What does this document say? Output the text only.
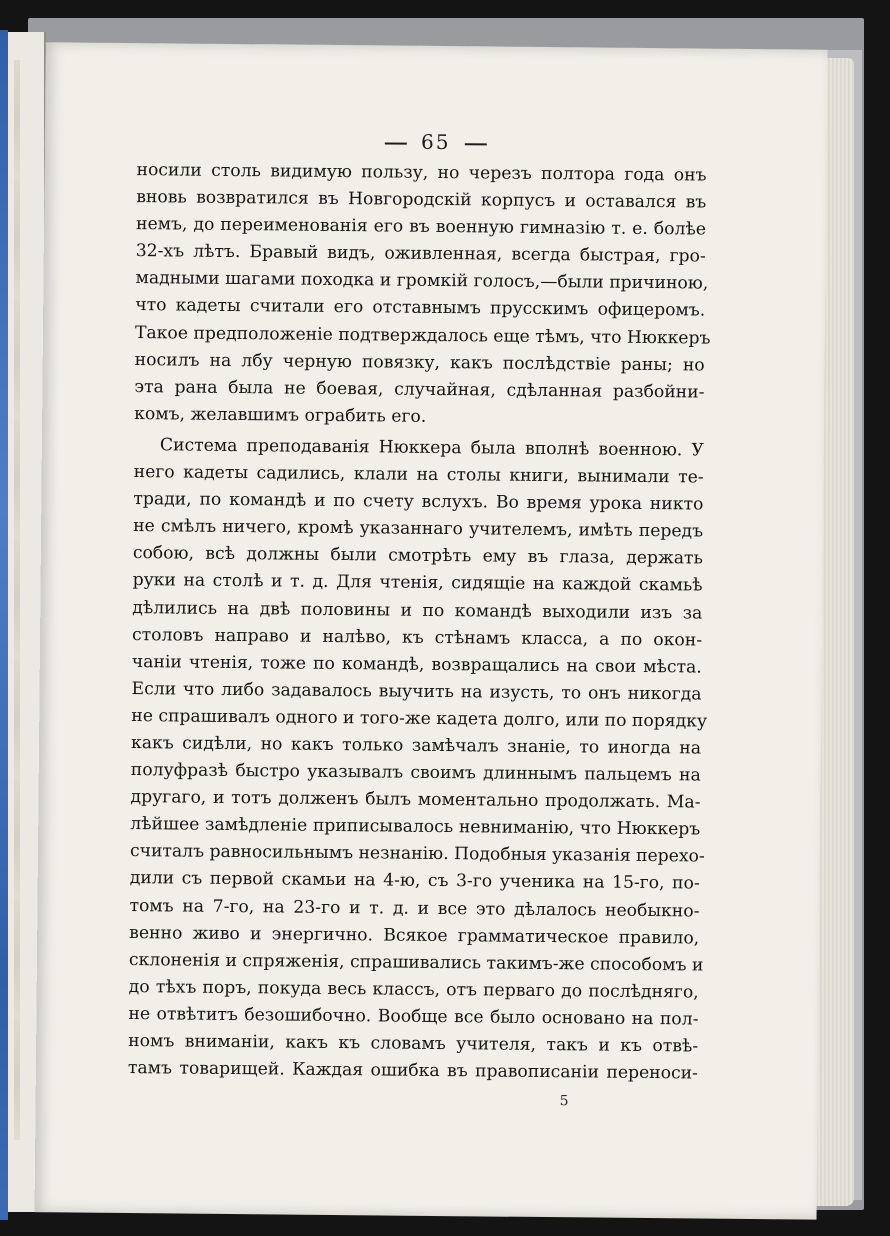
65

носили столь видимую пользу, но черезъ полтора года онъ

вновь возвратился въ Новгородскій корпусъ и оставался въ

немъ, до переименованія его въ военную гимназію т. е. болѣе

32-хъ лѣтъ. Бравый видъ, оживленная, всегда быстрая, гро-

мадными шагами походка и громкій голосъ,—были причиною,

что кадеты считали его отставнымъ прусскимъ офицеромъ.

Такое предположеніе подтверждалось еще тѣмъ, что Нюккеръ

носилъ на лбу черную повязку, какъ послѣдствіе раны; но

эта рана была не боевая, случайная, сдѣланная разбойни-

комъ, желавшимъ ограбить его.

Система преподаванія Нюккера была вполнѣ военною. У

него кадеты садились, клали на столы книги, вынимали те-

тради, по командѣ и по счету вслухъ. Во время урока никто

не смѣлъ ничего, кромѣ указаннаго учителемъ, имѣть передъ

собою, всѣ должны были смотрѣть ему въ глаза, держать

руки на столѣ и т. д. Для чтенія, сидящіе на каждой скамьѣ

дѣлились на двѣ половины и по командѣ выходили изъ за

столовъ направо и налѣво, къ стѣнамъ класса, а по окон-

чаніи чтенія, тоже по командѣ, возвращались на свои мѣста.

Если что либо задавалось выучить на изусть, то онъ никогда

не спрашивалъ одного и того-же кадета долго, или по порядку

какъ сидѣли, но какъ только замѣчалъ знаніе, то иногда на

полуфразѣ быстро указывалъ своимъ длиннымъ пальцемъ на

другаго, и тотъ долженъ былъ моментально продолжать. Ма-

лѣйшее замѣдленіе приписывалось невниманію, что Нюккеръ

считалъ равносильнымъ незнанію. Подобныя указанія перехо-

дили съ первой скамьи на 4-ю, съ 3-го ученика на 15-го, по-

томъ на 7-го, на 23-го и т. д. и все это дѣлалось необыкно-

венно живо и энергично. Всякое грамматическое правило,

склоненія и спряженія, спрашивались такимъ-же способомъ и

до тѣхъ поръ, покуда весь классъ, отъ перваго до послѣдняго,

не отвѣтитъ безошибочно. Вообще все было основано на пол-

номъ вниманіи, какъ къ словамъ учителя, такъ и къ отвѣ-

тамъ товарищей. Каждая ошибка въ правописаніи переноси-

5
